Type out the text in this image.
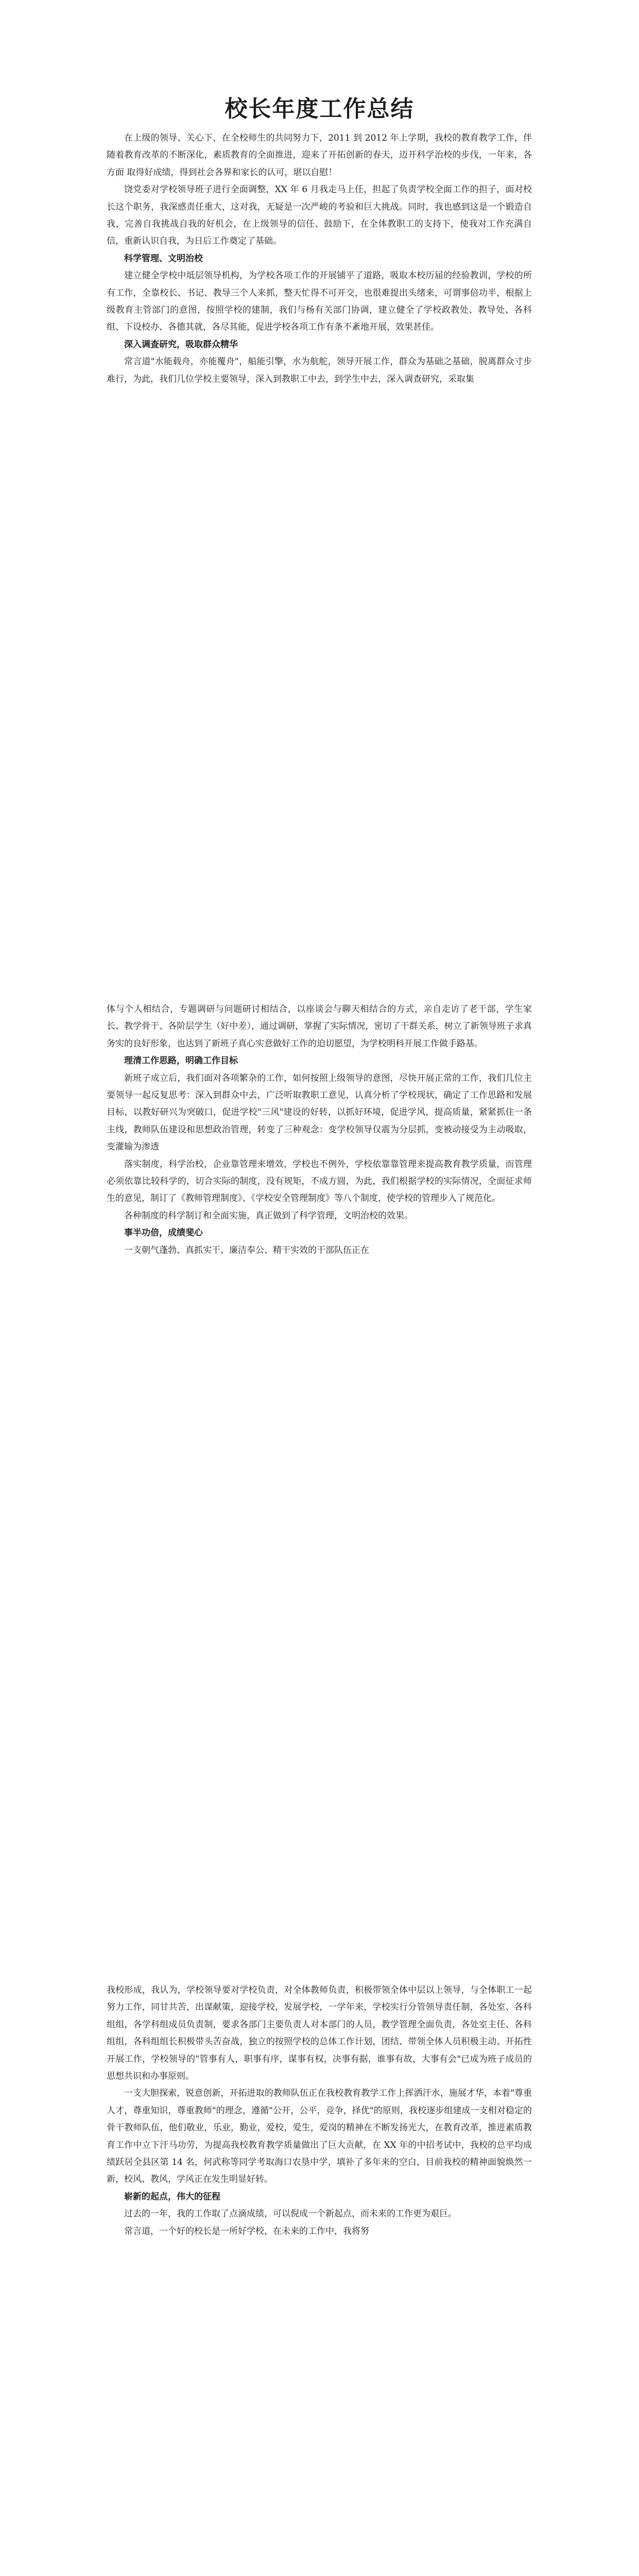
校长年度工作总结

在上级的领导、关心下，在全校师生的共同努力下，2011 到 2012 年上学期，我校的教育教学工作，伴随着教育改革的不断深化，素质教育的全面推进，迎来了开拓创新的春天，迈开科学治校的步伐，一年来，各方面 取得好成绩，得到社会各界和家长的认可，堪以自慰！

饶党委对学校领导班子进行全面调整，XX 年 6 月我走马上任，担起了负责学校全面工作的担子，面对校长这个职务，我深感责任重大，这对我，无疑是一次严峻的考验和巨大挑战。同时，我也感到这是一个锻造自我，完善自我挑战自我的好机会，在上级领导的信任、鼓励下，在全体教职工的支持下，使我对工作充满自信，重新认识自我，为日后工作奠定了基础。

科学管理、文明治校

建立健全学校中坻层领导机构，为学校各项工作的开展铺平了道路，吸取本校历届的经验教训，学校的所有工作，全靠校长、书记、教导三个人来抓，整天忙得不可开交，也很难提出头绪来，可谓事倍功半，根据上级教育主管部门的意图，按照学校的建制，我们与杨有关部门协调，建立健全了学校政教处、教导处、各科组、下设校办、各德其就，各尽其能，促进学校各项工作有条不紊地开展，效果甚佳。

深入调查研究，吸取群众精华

常言道"水能载舟，亦能覆舟"，船能引擎，水为航舵，领导开展工作，群众为基础之基础，脱离群众寸步难行，为此，我们几位学校主要领导，深入到教职工中去，到学生中去，深入调查研究，采取集

体与个人相结合，专题调研与问题研讨相结合，以座谈会与聊天相结合的方式，亲自走访了老干部，学生家长、教学骨干、各阶层学生（好中差），通过调研，掌握了实际情况，密切了干群关系，树立了新领导班子求真务实的良好形象，也达到了新班子真心实意做好工作的迫切愿望，为学校明科开展工作做手路基。

理清工作思路，明确工作目标

新班子成立后，我们面对各项繁杂的工作，如何按照上级领导的意图，尽快开展正常的工作，我们几位主要领导一起反复思考：深入到群众中去，广泛听取教职工意见，认真分析了学校现状，确定了工作思路和发展目标，以教好研兴为突破口，促进学校"三风"建设的好转，以抓好环境，促进学风，提高质量，紧紧抓住一条主线，教师队伍建设和思想政治管理，转变了三种观念：变学校领导仅震为分层抓，变被动接受为主动吸取，变灌输为渗透

落实制度，科学治校，企业靠管理来增效，学校也不例外，学校依靠靠管理来提高教育教学质量，而管理必须依靠比较科学的，切合实际的制度，没有规矩，不成方圆，为此，我们根据学校的实际情况，全面征求师生的意见，制订了《教师管理制度》、《学校安全管理制度》等八个制度，使学校的管理步入了规范化。

各种制度的科学制订和全面实施，真正做到了科学管理，文明治校的效果。

事半功倍，成绩斐心

一支朝气蓬勃、真抓实干、廉洁奉公、精干实效的干部队伍正在

我校形成，我认为，学校领导要对学校负责，对全体教师负责，积极带领全体中层以上领导，与全体职工一起努力工作，同甘共苦，出谋献策，迎接学校，发展学校，一学年来，学校实行分管领导责任制，各处室、各科组组，各学科组成员负责制，要求各部门主要负责人对本部门的人员，教学管理全面负责，各处室主任、各科组组，各科组组长积极带头苦奋战，独立的按照学校的总体工作计划，团结、带领全体人员积极主动、开拓性开展工作，学校领导的"管事有人，职事有序，谋事有权，决事有据，谁事有故，大事有会"已成为班子成员的思想共识和办事原则。

一支大胆探索，锐意创新，开拓进取的教师队伍正在我校教育教学工作上挥洒汗水，施展才华，本着"尊重人才，尊重知识，尊重教师"的理念，遵循"公开，公平，竞争，择优"的原则，我校逐步组建成一支相对稳定的骨干教师队伍，他们敬业，乐业，勤业，爱校，爱生，爱岗的精神在不断发扬光大，在教育改革，推进素质教育工作中立下汗马功劳，为提高我校教育教学质量做出了巨大贡献，在 XX 年的中招考试中，我校的总平均成绩跃居全县区第 14 名，何武称等同学考取海口农垦中学，填补了多年来的空白，目前我校的精神面貌焕然一新，校风、教风，学风正在发生明显好转。

崭新的起点，伟大的征程

过去的一年，我的工作取了点滴成绩，可以倪成一个新起点，而未来的工作更为艰巨。

常言道，一个好的校长是一所好学校，在未来的工作中，我将努
